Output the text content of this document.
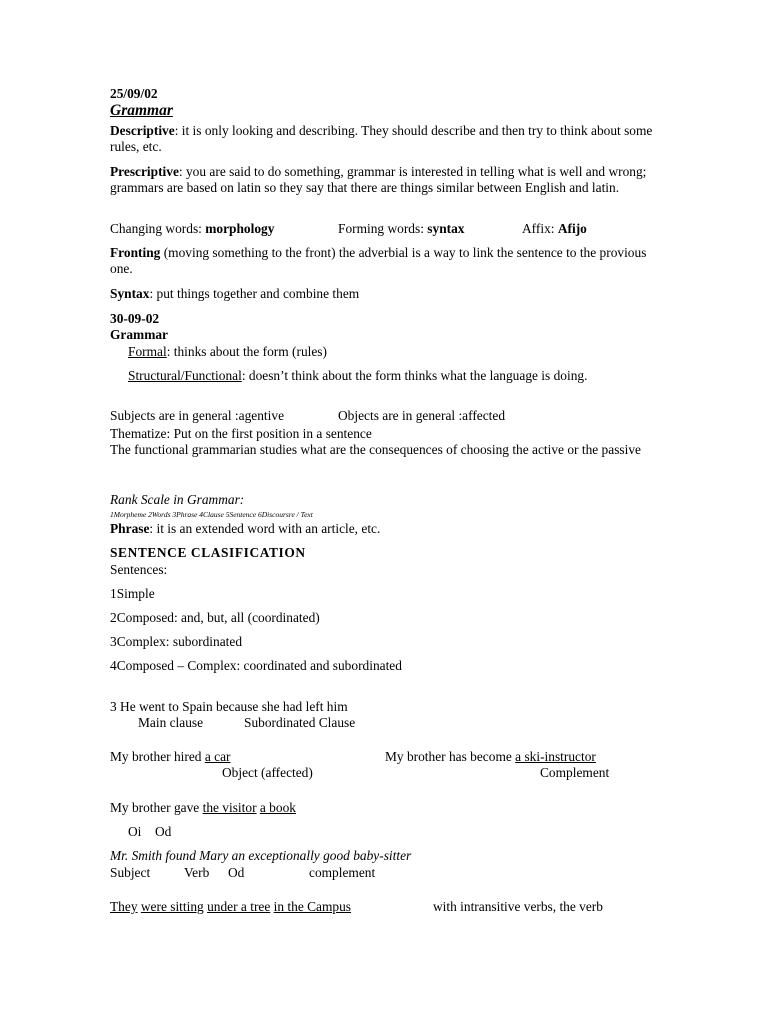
25/09/02
Grammar
Descriptive: it is only looking and describing. They should describe and then try to think about some rules, etc.
Prescriptive: you are said to do something, grammar is interested in telling what is well and wrong; grammars are based on latin so they say that there are things similar between English and latin.
Changing words: morphology	Forming words: syntax	Affix: Afijo
Fronting (moving something to the front) the adverbial is a way to link the sentence to the provious one.
Syntax: put things together and combine them
30-09-02
Grammar
Formal: thinks about the form (rules)
Structural/Functional: doesn’t think about the form thinks what the language is doing.
Subjects are in general :agentive	Objects are in general :affected
Thematize: Put on the first position in a sentence
The functional grammarian studies what are the consequences of choosing the active or the passive
Rank Scale in Grammar:
1Morpheme 2Words 3Phrase 4Clause 5Sentence 6Discoursre / Text
Phrase: it is an extended word with an article, etc.
SENTENCE CLASIFICATION
Sentences:
1Simple
2Composed: and, but, all (coordinated)
3Complex: subordinated
4Composed – Complex: coordinated and subordinated
3 He went to Spain because she had left him
Main clause	Subordinated Clause
My brother hired a car	My brother has become a ski-instructor
Object (affected)	Complement
My brother gave the visitor a book
Oi Od
Mr. Smith found Mary an exceptionally good baby-sitter
Subject	Verb Od	complement
They were sitting under a tree in the Campus	with intransitive verbs, the verb
